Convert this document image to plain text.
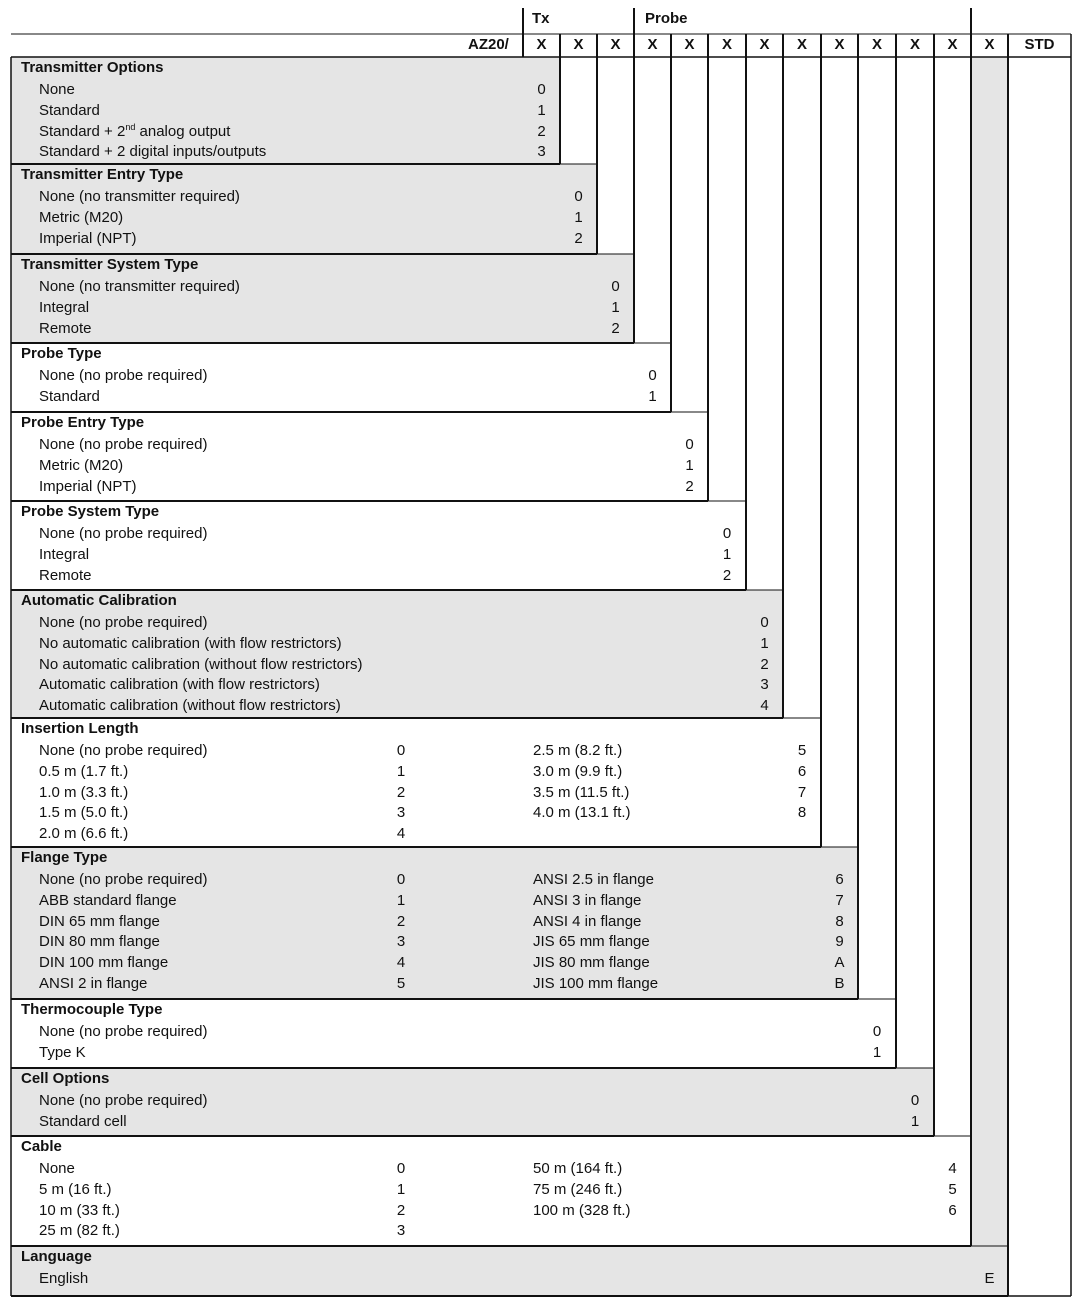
AZ20/
Tx	Probe
X X X X X X X X X X X X X STD
Transmitter Options
None	0
Standard	1
Standard + 2nd analog output	2
Standard + 2 digital inputs/outputs	3
Transmitter Entry Type
None (no transmitter required)	0
Metric (M20)	1
Imperial (NPT)	2
Transmitter System Type
None (no transmitter required)	0
Integral	1
Remote	2
Probe Type
None (no probe required)	0
Standard	1
Probe Entry Type
None (no probe required)	0
Metric (M20)	1
Imperial (NPT)	2
Probe System Type
None (no probe required)	0
Integral	1
Remote	2
Automatic Calibration
None (no probe required)	0
No automatic calibration (with flow restrictors)	1
No automatic calibration (without flow restrictors)	2
Automatic calibration (with flow restrictors)	3
Automatic calibration (without flow restrictors)	4
Insertion Length
None (no probe required)	0
0.5 m (1.7 ft.)	1
1.0 m (3.3 ft.)	2
1.5 m (5.0 ft.)	3
2.0 m (6.6 ft.)	4
2.5 m (8.2 ft.)	5
3.0 m (9.9 ft.)	6
3.5 m (11.5 ft.)	7
4.0 m (13.1 ft.)	8
Flange Type
None (no probe required)	0
ABB standard flange	1
DIN 65 mm flange	2
DIN 80 mm flange	3
DIN 100 mm flange	4
ANSI 2 in flange	5
ANSI 2.5 in flange	6
ANSI 3 in flange	7
ANSI 4 in flange	8
JIS 65 mm flange	9
JIS 80 mm flange	A
JIS 100 mm flange	B
Thermocouple Type
None (no probe required)	0
Type K	1
Cell Options
None (no probe required)	0
Standard cell	1
Cable
None	0
5 m (16 ft.)	1
10 m (33 ft.)	2
25 m (82 ft.)	3
50 m (164 ft.)	4
75 m (246 ft.)	5
100 m (328 ft.)	6
Language
English	E
